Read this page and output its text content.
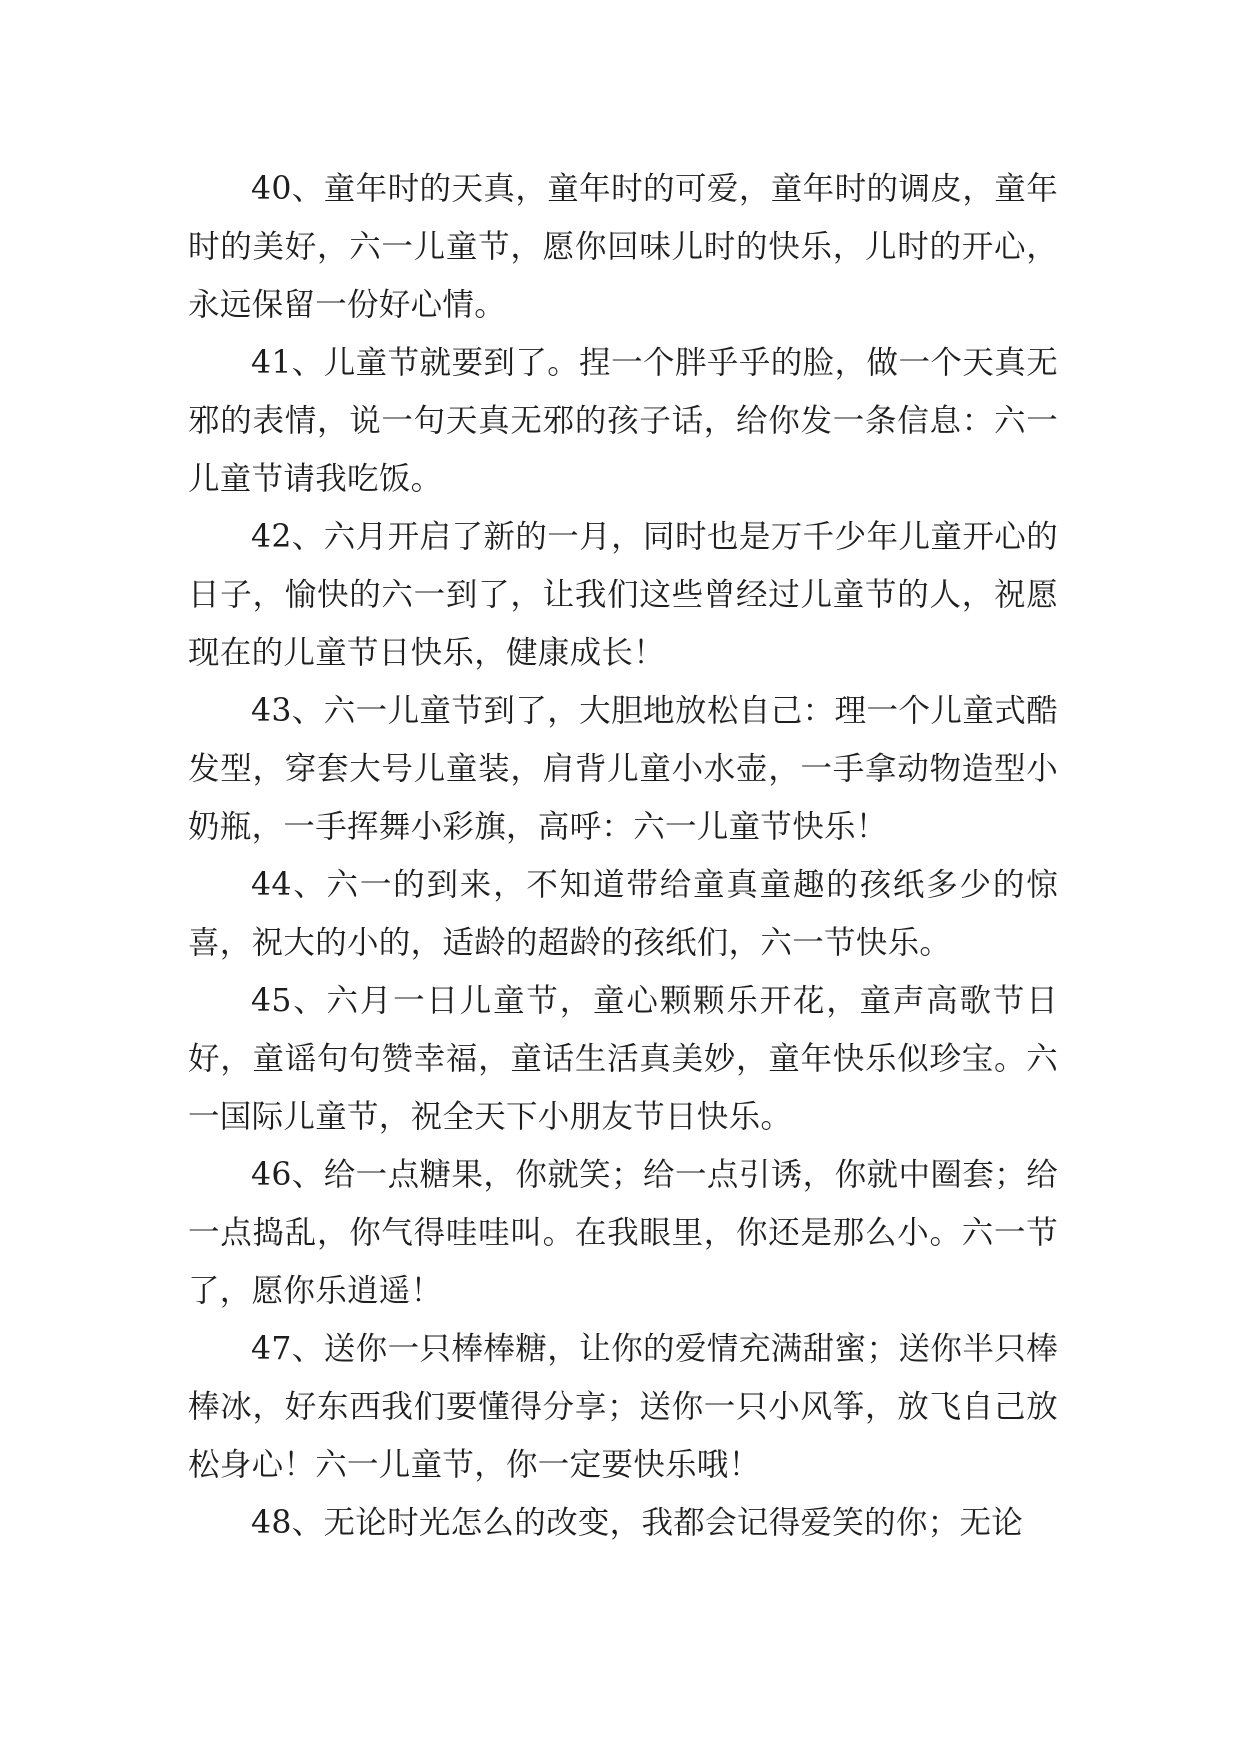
40、童年时的天真，童年时的可爱，童年时的调皮，童年时的美好，六一儿童节，愿你回味儿时的快乐，儿时的开心，永远保留一份好心情。

41、儿童节就要到了。捏一个胖乎乎的脸，做一个天真无邪的表情，说一句天真无邪的孩子话，给你发一条信息：六一儿童节请我吃饭。

42、六月开启了新的一月，同时也是万千少年儿童开心的日子，愉快的六一到了，让我们这些曾经过儿童节的人，祝愿现在的儿童节日快乐，健康成长！

43、六一儿童节到了，大胆地放松自己：理一个儿童式酷发型，穿套大号儿童装，肩背儿童小水壶，一手拿动物造型小奶瓶，一手挥舞小彩旗，高呼：六一儿童节快乐！

44、六一的到来，不知道带给童真童趣的孩纸多少的惊喜，祝大的小的，适龄的超龄的孩纸们，六一节快乐。

45、六月一日儿童节，童心颗颗乐开花，童声高歌节日好，童谣句句赞幸福，童话生活真美妙，童年快乐似珍宝。六一国际儿童节，祝全天下小朋友节日快乐。

46、给一点糖果，你就笑；给一点引诱，你就中圈套；给一点捣乱，你气得哇哇叫。在我眼里，你还是那么小。六一节了，愿你乐逍遥！

47、送你一只棒棒糖，让你的爱情充满甜蜜；送你半只棒棒冰，好东西我们要懂得分享；送你一只小风筝，放飞自己放松身心！六一儿童节，你一定要快乐哦！

48、无论时光怎么的改变，我都会记得爱笑的你；无论
